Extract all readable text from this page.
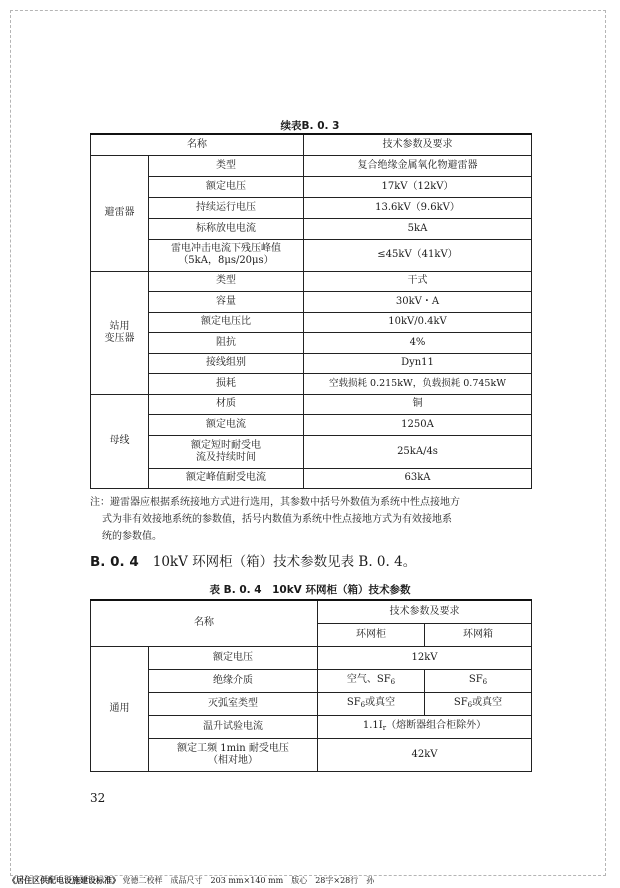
续表B. 0. 3
名称		技术参数及要求
避雷器	类型	复合绝缘金属氧化物避雷器
	额定电压	17kV（12kV）
	持续运行电压	13.6kV（9.6kV）
	标称放电电流	5kA

	雷电冲击电流下残压峰值
（5kA，8μs/20μs）	≤45kV（41kV）

站用
变压器	类型	干式
	容量	30kV・A
	额定电压比	10kV/0.4kV
	阻抗	4%
	接线组别	Dyn11
	损耗	空载损耗 0.215kW，负载损耗 0.745kW
母线	材质	铜
	额定电流	1250A

	额定短时耐受电
流及持续时间	25kA/4s
	额定峰值耐受电流	63kA
注：避雷器应根据系统接地方式进行选用，其参数中括号外数值为系统中性点接地方
式为非有效接地系统的参数值，括号内数值为系统中性点接地方式为有效接地系
统的参数值。
B. 0. 4 10kV 环网柜（箱）技术参数见表 B. 0. 4。
表 B. 0. 4　10kV 环网柜（箱）技术参数
名称		技术参数及要求	
		环网柜	环网箱
通用	额定电压	12kV	
	绝缘介质	空气、$SF_6$	$SF_6$
	灭弧室类型	$SF_6$或真空	$SF_6$或真空
	温升试验电流	$1.1I_r$（熔断器组合柜除外）	

	额定工频 1min 耐受电压
（相对地）	42kV	
32
《居住区供配电设施建设标准》 党德二校样　成品尺寸　203 mm×140 mm　版心　28字×28行　孙
